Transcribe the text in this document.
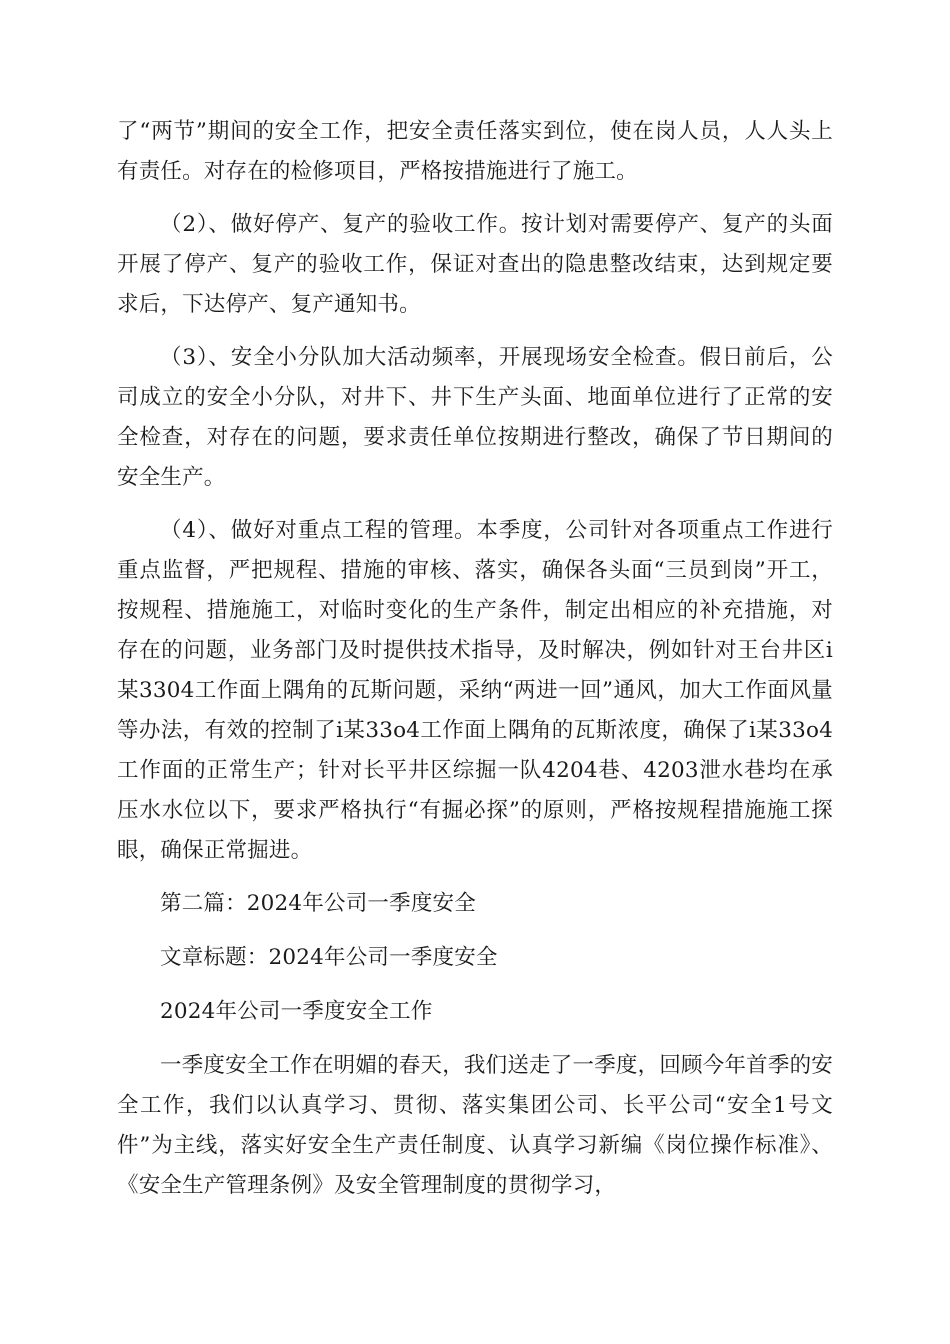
了“两节”期间的安全工作，把安全责任落实到位，使在岗人员，人人头上有责任。对存在的检修项目，严格按措施进行了施工。

（2）、做好停产、复产的验收工作。按计划对需要停产、复产的头面开展了停产、复产的验收工作，保证对查出的隐患整改结束，达到规定要求后，下达停产、复产通知书。

（3）、安全小分队加大活动频率，开展现场安全检查。假日前后，公司成立的安全小分队，对井下、井下生产头面、地面单位进行了正常的安全检查，对存在的问题，要求责任单位按期进行整改，确保了节日期间的安全生产。

（4）、做好对重点工程的管理。本季度，公司针对各项重点工作进行重点监督，严把规程、措施的审核、落实，确保各头面“三员到岗”开工，按规程、措施施工，对临时变化的生产条件，制定出相应的补充措施，对存在的问题，业务部门及时提供技术指导，及时解决，例如针对王台井区i某3304工作面上隅角的瓦斯问题，采纳“两进一回”通风，加大工作面风量等办法，有效的控制了i某33o4工作面上隅角的瓦斯浓度，确保了i某33o4工作面的正常生产；针对长平井区综掘一队4204巷、4203泄水巷均在承压水水位以下，要求严格执行“有掘必探”的原则，严格按规程措施施工探眼，确保正常掘进。

第二篇：2024年公司一季度安全

文章标题：2024年公司一季度安全

2024年公司一季度安全工作

一季度安全工作在明媚的春天，我们送走了一季度，回顾今年首季的安全工作，我们以认真学习、贯彻、落实集团公司、长平公司“安全1号文件”为主线，落实好安全生产责任制度、认真学习新编《岗位操作标准》、《安全生产管理条例》及安全管理制度的贯彻学习，
